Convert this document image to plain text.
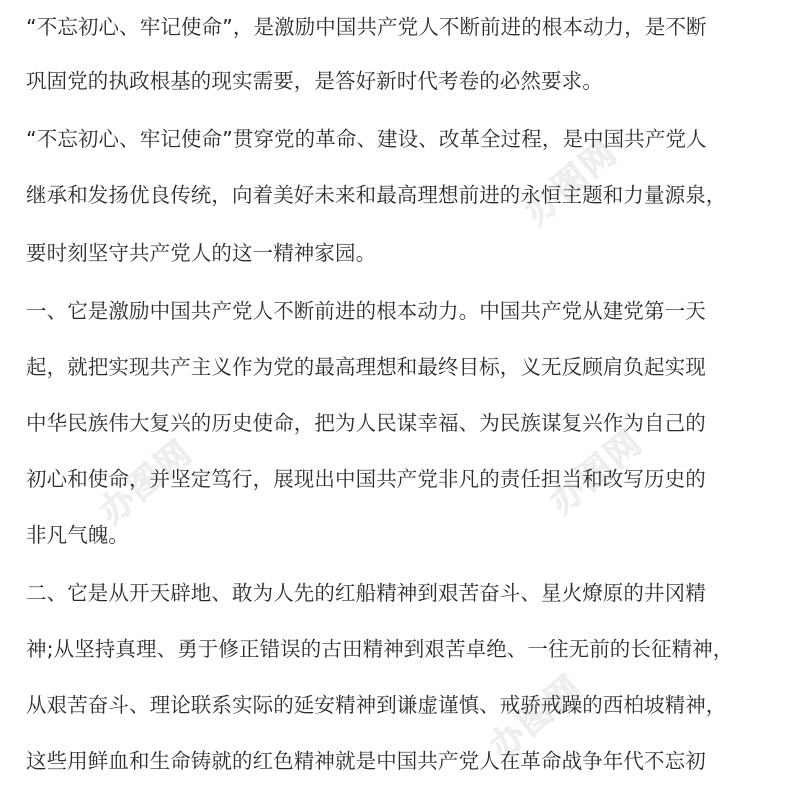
“不忘初心、牢记使命”，是激励中国共产党人不断前进的根本动力，是不断
巩固党的执政根基的现实需要，是答好新时代考卷的必然要求。
“不忘初心、牢记使命”贯穿党的革命、建设、改革全过程，是中国共产党人
继承和发扬优良传统，向着美好未来和最高理想前进的永恒主题和力量源泉，
要时刻坚守共产党人的这一精神家园。
一、它是激励中国共产党人不断前进的根本动力。中国共产党从建党第一天
起，就把实现共产主义作为党的最高理想和最终目标，义无反顾肩负起实现
中华民族伟大复兴的历史使命，把为人民谋幸福、为民族谋复兴作为自己的
初心和使命，并坚定笃行，展现出中国共产党非凡的责任担当和改写历史的
非凡气魄。
二、它是从开天辟地、敢为人先的红船精神到艰苦奋斗、星火燎原的井冈精
神;从坚持真理、勇于修正错误的古田精神到艰苦卓绝、一往无前的长征精神，
从艰苦奋斗、理论联系实际的延安精神到谦虚谨慎、戒骄戒躁的西柏坡精神，
这些用鲜血和生命铸就的红色精神就是中国共产党人在革命战争年代不忘初
办图网
办图网	办图网
办图网
